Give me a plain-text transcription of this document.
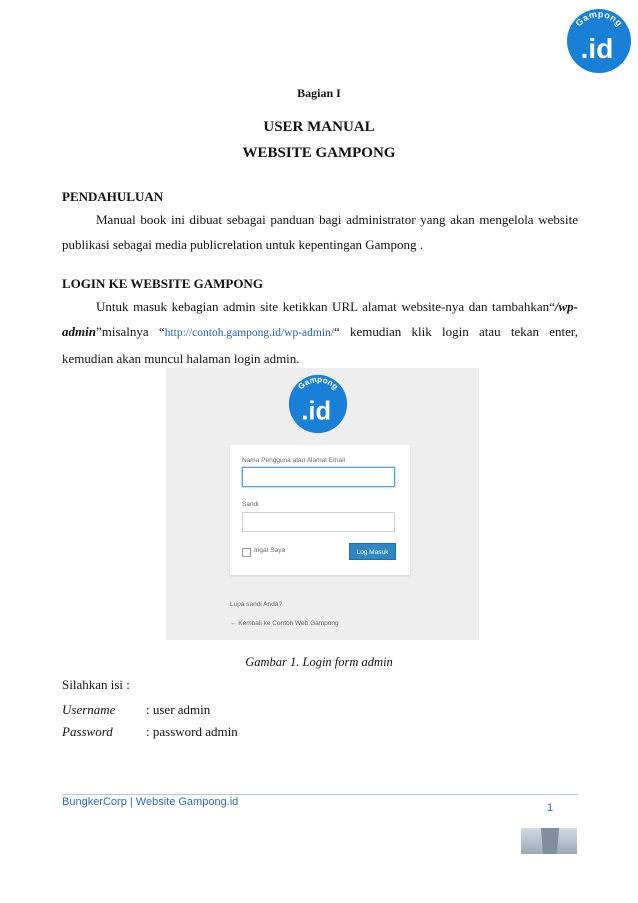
Gampong
.id
Bagian I
USER MANUAL
WEBSITE GAMPONG
PENDAHULUAN
Manual book ini dibuat sebagai panduan bagi administrator yang akan mengelola website
publikasi sebagai media publicrelation untuk kepentingan Gampong .
LOGIN KE WEBSITE GAMPONG
Untuk masuk kebagian admin site ketikkan URL alamat website-nya dan tambahkan“/wp-
admin”misalnya “http://contoh.gampong.id/wp-admin/“ kemudian klik login atau tekan enter,
kemudian akan muncul halaman login admin.
Gampong
.id
Nama Pengguna atau Alamat Email
Sandi
Ingat Saya	Log Masuk
Lupa sandi Anda?
← Kembali ke Contoh Web Gampong
Gambar 1. Login form admin
Silahkan isi :
Username : user admin
Password	: password admin
BungkerCorp | Website Gampong.id	1
